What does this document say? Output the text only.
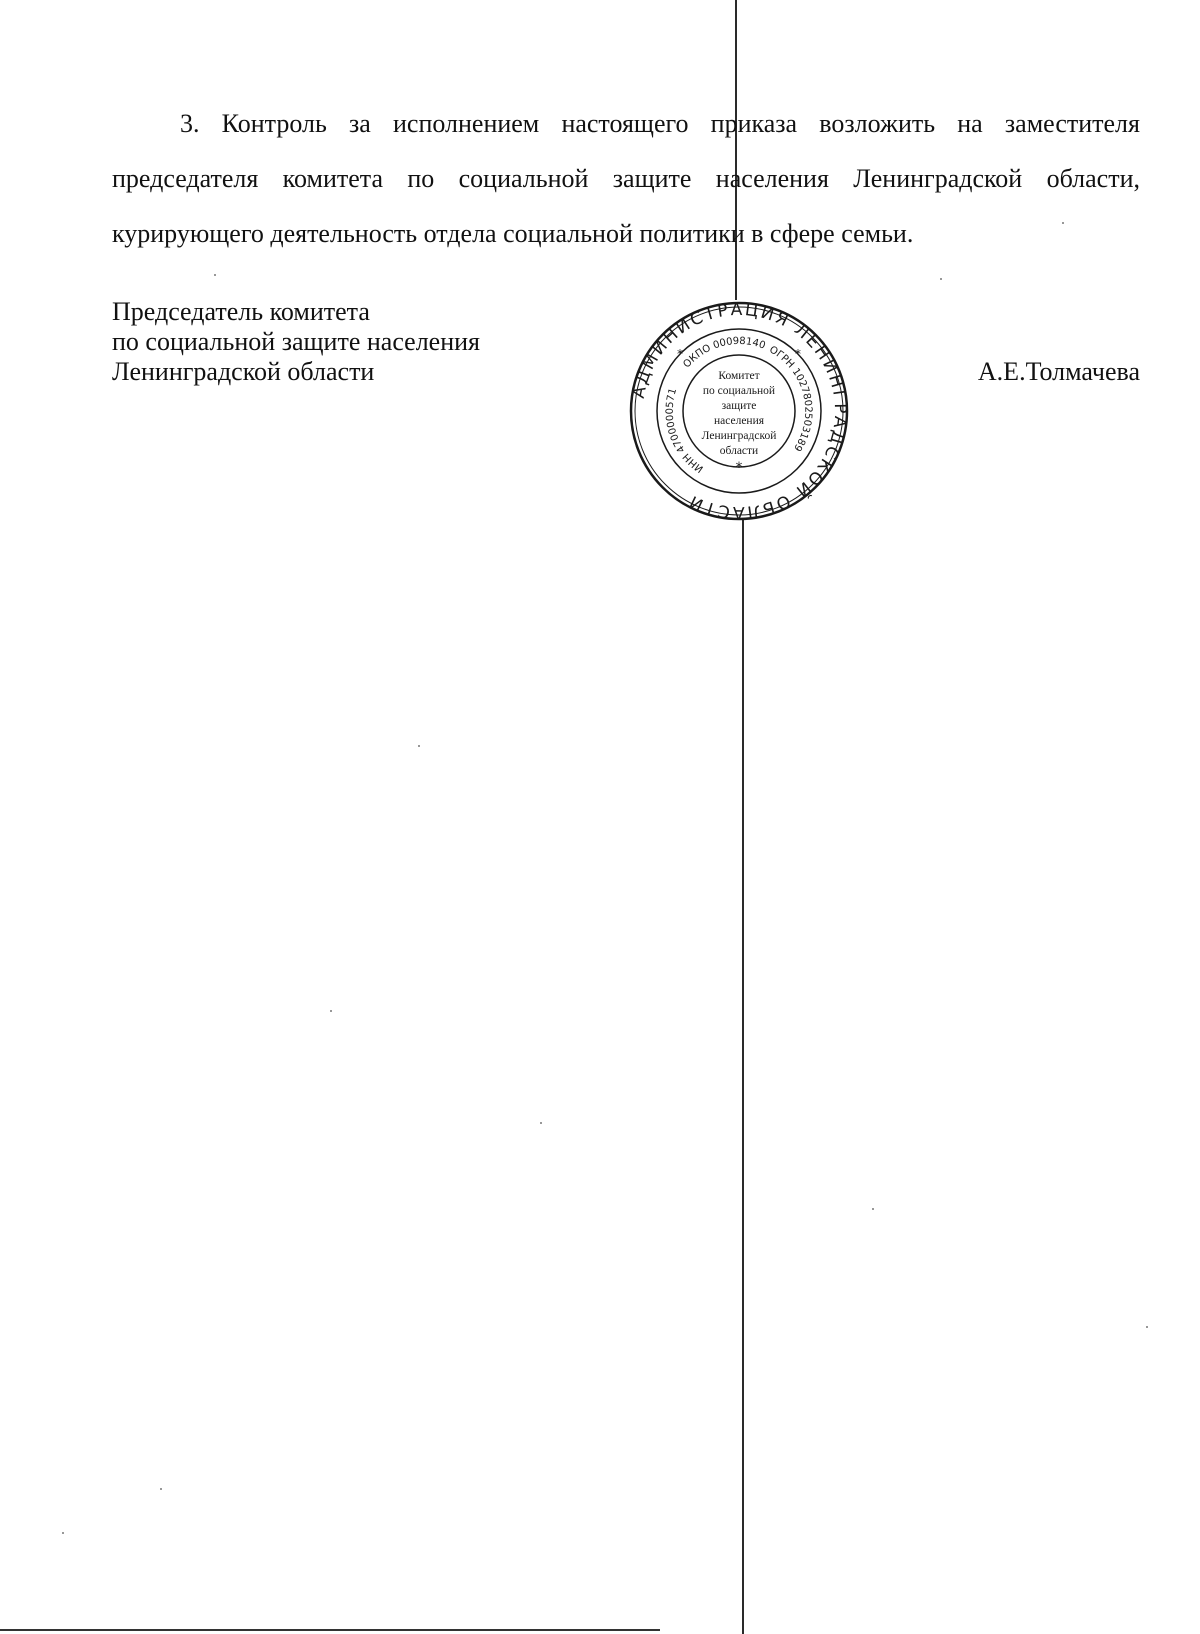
3. Контроль за исполнением настоящего приказа возложить на заместителя председателя комитета по социальной защите населения Ленинградской области, курирующего деятельность отдела социальной политики в сфере семьи.

Председатель комитета
по социальной защите населения
Ленинградской области	А.Е.Толмачева
АДМИНИСТРАЦИЯ ЛЕНИНГРАДСКОЙ ОБЛАСТИ
ОКПО 00098140 ОГРН 1027802503189
ИНН 4700000571
Комитет
по социальной
защите
населения
Ленинградской
области
*
*	*
